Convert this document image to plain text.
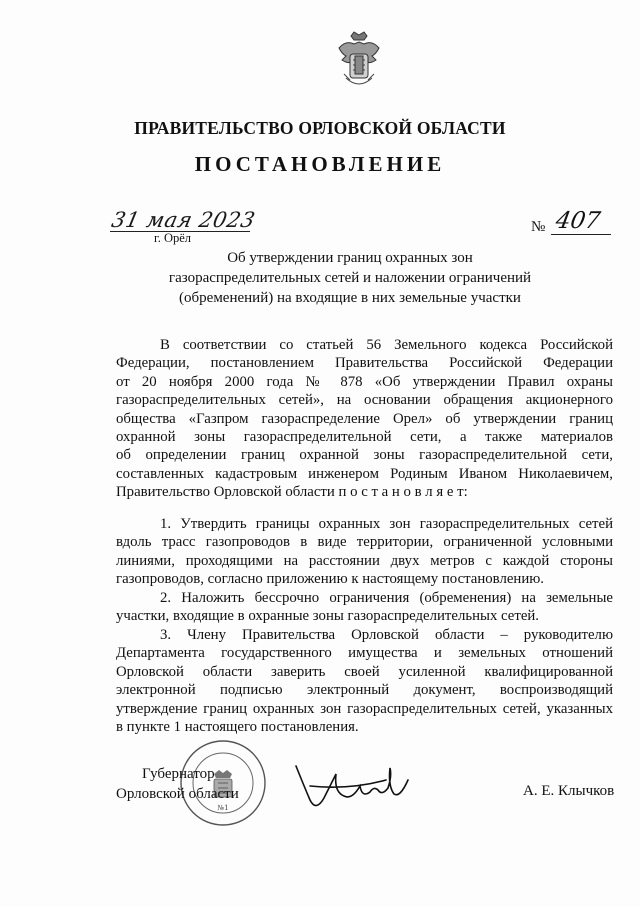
ПРАВИТЕЛЬСТВО ОРЛОВСКОЙ ОБЛАСТИ
ПОСТАНОВЛЕНИЕ
31 мая 2023
г. Орёл
№ 407
Об утверждении границ охранных зон
газораспределительных сетей и наложении ограничений
(обременений) на входящие в них земельные участки
В соответствии со статьей 56 Земельного кодекса Российской
Федерации, постановлением Правительства Российской Федерации
от 20 ноября 2000 года № 878 «Об утверждении Правил охраны
газораспределительных сетей», на основании обращения акционерного
общества «Газпром газораспределение Орел» об утверждении границ
охранной зоны газораспределительной сети, а также материалов
об определении границ охранной зоны газораспределительной сети,
составленных кадастровым инженером Родиным Иваном Николаевичем,
Правительство Орловской области п о с т а н о в л я е т:
1. Утвердить границы охранных зон газораспределительных сетей
вдоль трасс газопроводов в виде территории, ограниченной условными
линиями, проходящими на расстоянии двух метров с каждой стороны
газопроводов, согласно приложению к настоящему постановлению.
2. Наложить бессрочно ограничения (обременения) на земельные
участки, входящие в охранные зоны газораспределительных сетей.
3. Члену Правительства Орловской области – руководителю
Департамента государственного имущества и земельных отношений
Орловской области заверить своей усиленной квалифицированной
электронной подписью электронный документ, воспроизводящий
утверждение границ охранных зон газораспределительных сетей, указанных
в пункте 1 настоящего постановления.
№1
Губернатор
Орловской области	А. Е. Клычков
